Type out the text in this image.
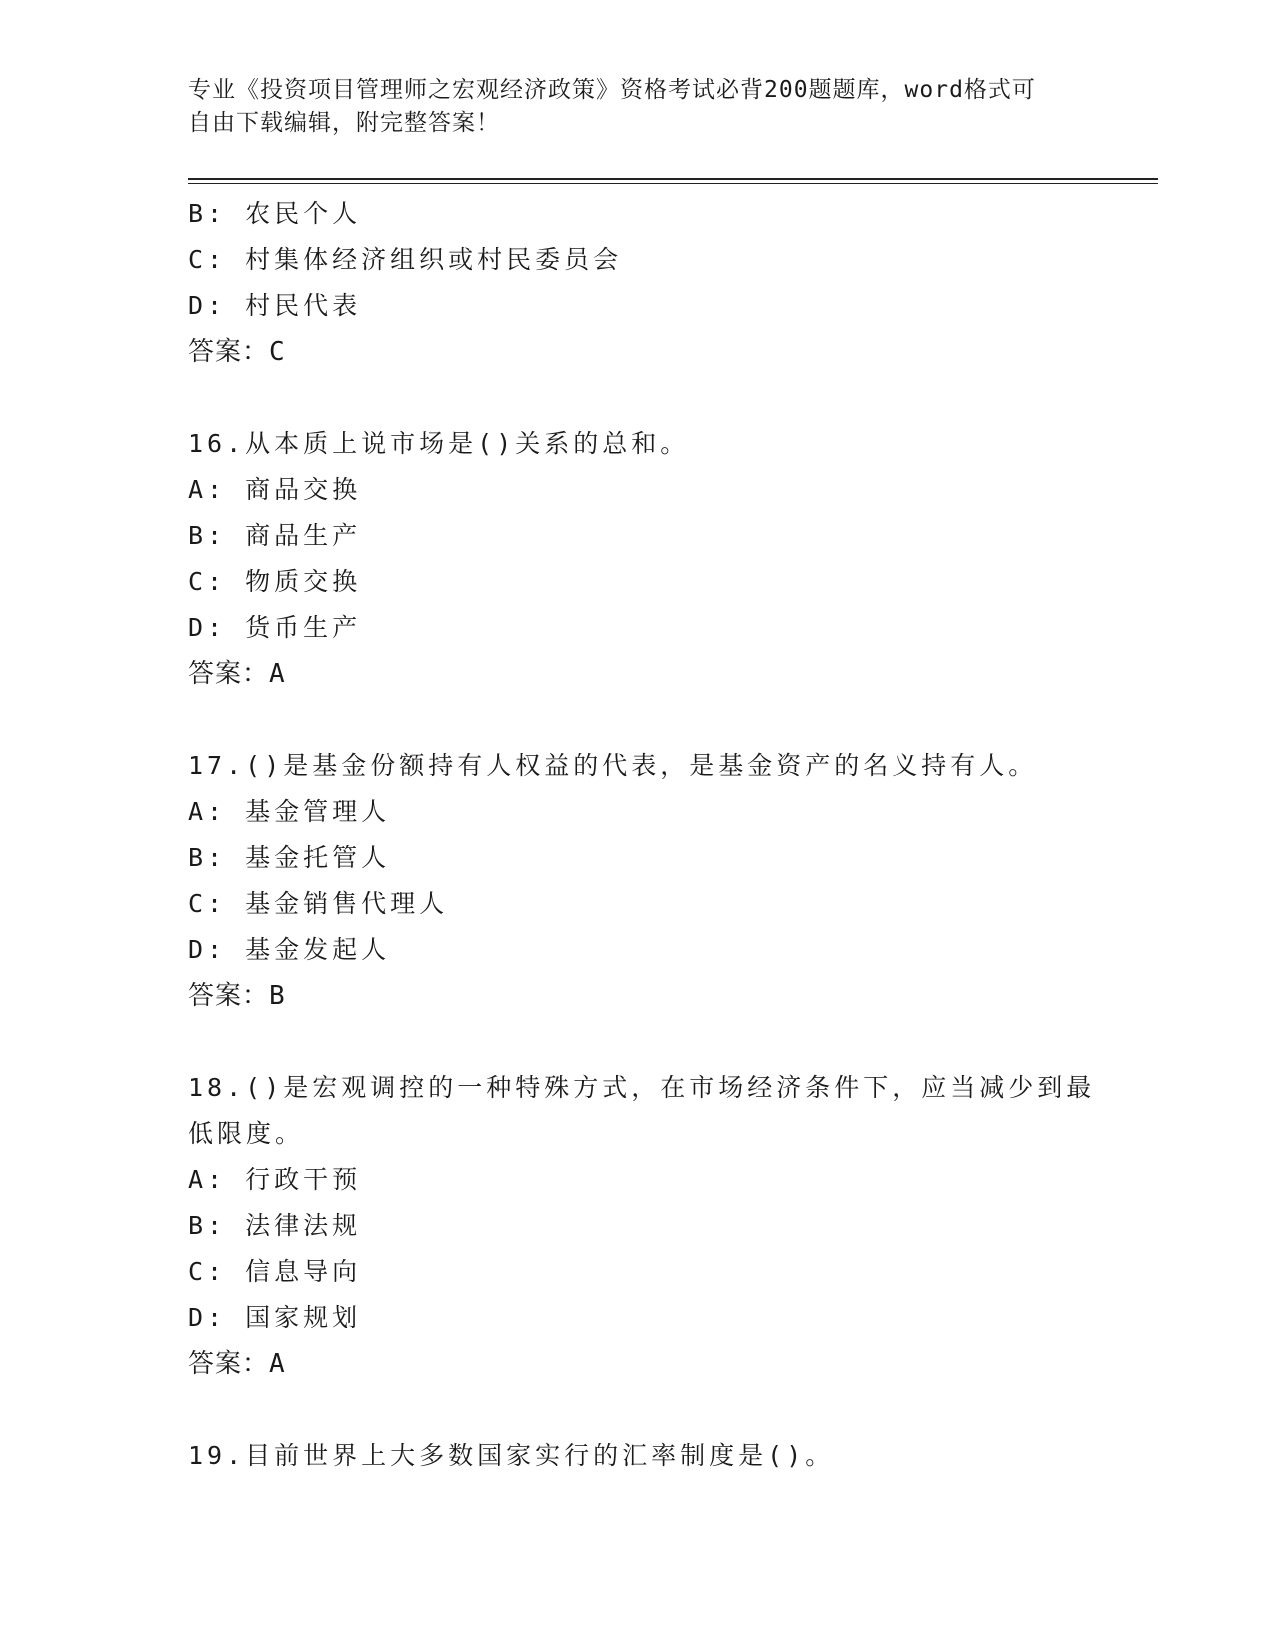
专业《投资项目管理师之宏观经济政策》资格考试必背200题题库，word格式可
自由下载编辑，附完整答案！
B: 农民个人
C: 村集体经济组织或村民委员会
D: 村民代表
答案：C
16.从本质上说市场是()关系的总和。
A: 商品交换
B: 商品生产
C: 物质交换
D: 货币生产
答案：A
17.()是基金份额持有人权益的代表，是基金资产的名义持有人。
A: 基金管理人
B: 基金托管人
C: 基金销售代理人
D: 基金发起人
答案：B
18.()是宏观调控的一种特殊方式，在市场经济条件下，应当减少到最
低限度。
A: 行政干预
B: 法律法规
C: 信息导向
D: 国家规划
答案：A
19.目前世界上大多数国家实行的汇率制度是()。
